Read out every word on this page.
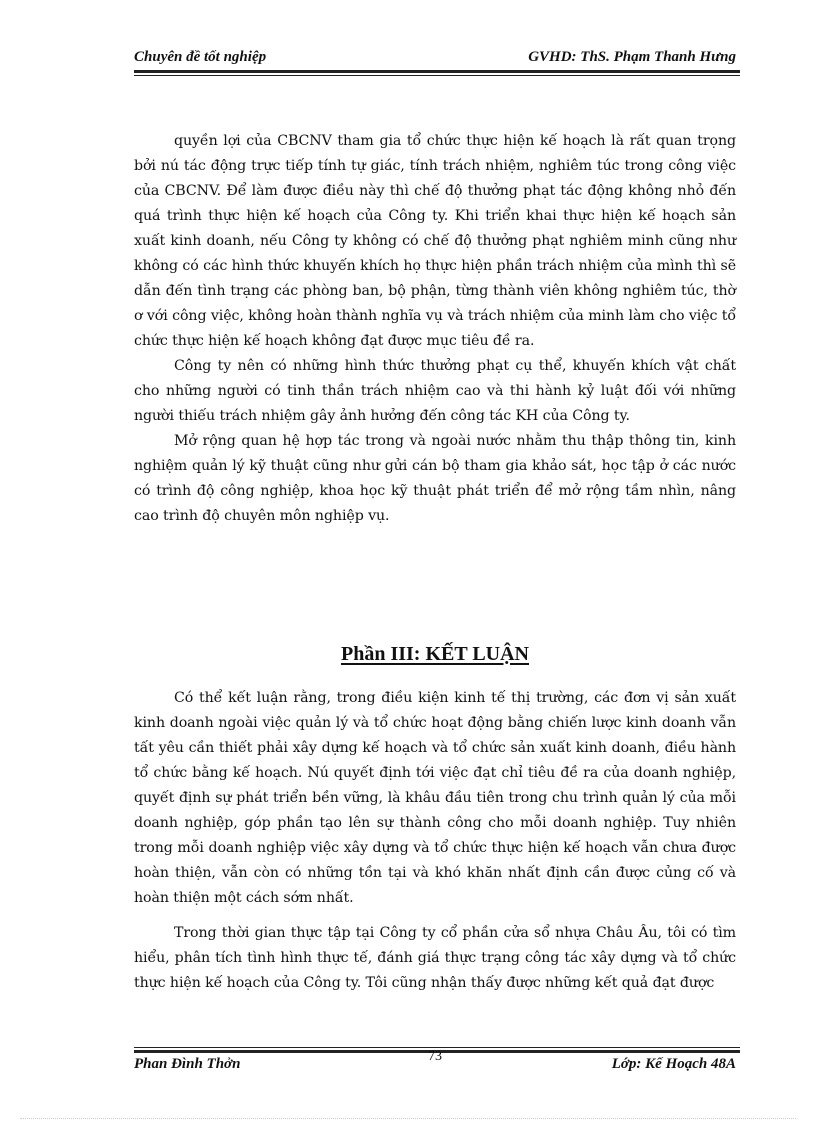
Chuyên đề tốt nghiệp	GVHD: ThS. Phạm Thanh Hưng

quyền lợi của CBCNV tham gia tổ chức thực hiện kế hoạch là rất quan trọng bởi nú tác động trực tiếp tính tự giác, tính trách nhiệm, nghiêm túc trong công việc của CBCNV. Để làm được điều này thì chế độ thưởng phạt tác động không nhỏ đến quá trình thực hiện kế hoạch của Công ty. Khi triển khai thực hiện kế hoạch sản xuất kinh doanh, nếu Công ty không có chế độ thưởng phạt nghiêm minh cũng như không có các hình thức khuyến khích họ thực hiện phần trách nhiệm của mình thì sẽ dẫn đến tình trạng các phòng ban, bộ phận, từng thành viên không nghiêm túc, thờ ơ với công việc, không hoàn thành nghĩa vụ và trách nhiệm của minh làm cho việc tổ chức thực hiện kế hoạch không đạt được mục tiêu đề ra.

Công ty nên có những hình thức thưởng phạt cụ thể, khuyến khích vật chất cho những người có tinh thần trách nhiệm cao và thi hành kỷ luật đối với những người thiếu trách nhiệm gây ảnh hưởng đến công tác KH của Công ty.

Mở rộng quan hệ hợp tác trong và ngoài nước nhằm thu thập thông tin, kinh nghiệm quản lý kỹ thuật cũng như gửi cán bộ tham gia khảo sát, học tập ở các nước có trình độ công nghiệp, khoa học kỹ thuật phát triển để mở rộng tầm nhìn, nâng cao trình độ chuyên môn nghiệp vụ.

Phần III: KẾT LUẬN

Có thể kết luận rằng, trong điều kiện kinh tế thị trường, các đơn vị sản xuất kinh doanh ngoài việc quản lý và tổ chức hoạt động bằng chiến lược kinh doanh vẫn tất yêu cần thiết phải xây dựng kế hoạch và tổ chức sản xuất kinh doanh, điều hành tổ chức bằng kế hoạch. Nú quyết định tới việc đạt chỉ tiêu đề ra của doanh nghiệp, quyết định sự phát triển bền vững, là khâu đầu tiên trong chu trình quản lý của mỗi doanh nghiệp, góp phần tạo lên sự thành công cho mỗi doanh nghiệp. Tuy nhiên trong mỗi doanh nghiệp việc xây dựng và tổ chức thực hiện kế hoạch vẫn chưa được hoàn thiện, vẫn còn có những tồn tại và khó khăn nhất định cần được củng cố và hoàn thiện một cách sớm nhất.

Trong thời gian thực tập tại Công ty cổ phần cửa sổ nhựa Châu Âu, tôi có tìm hiểu, phân tích tình hình thực tế, đánh giá thực trạng công tác xây dựng và tổ chức thực hiện kế hoạch của Công ty. Tôi cũng nhận thấy được những kết quả đạt được

Phan Đình Thởn	73	Lớp: Kế Hoạch 48A
